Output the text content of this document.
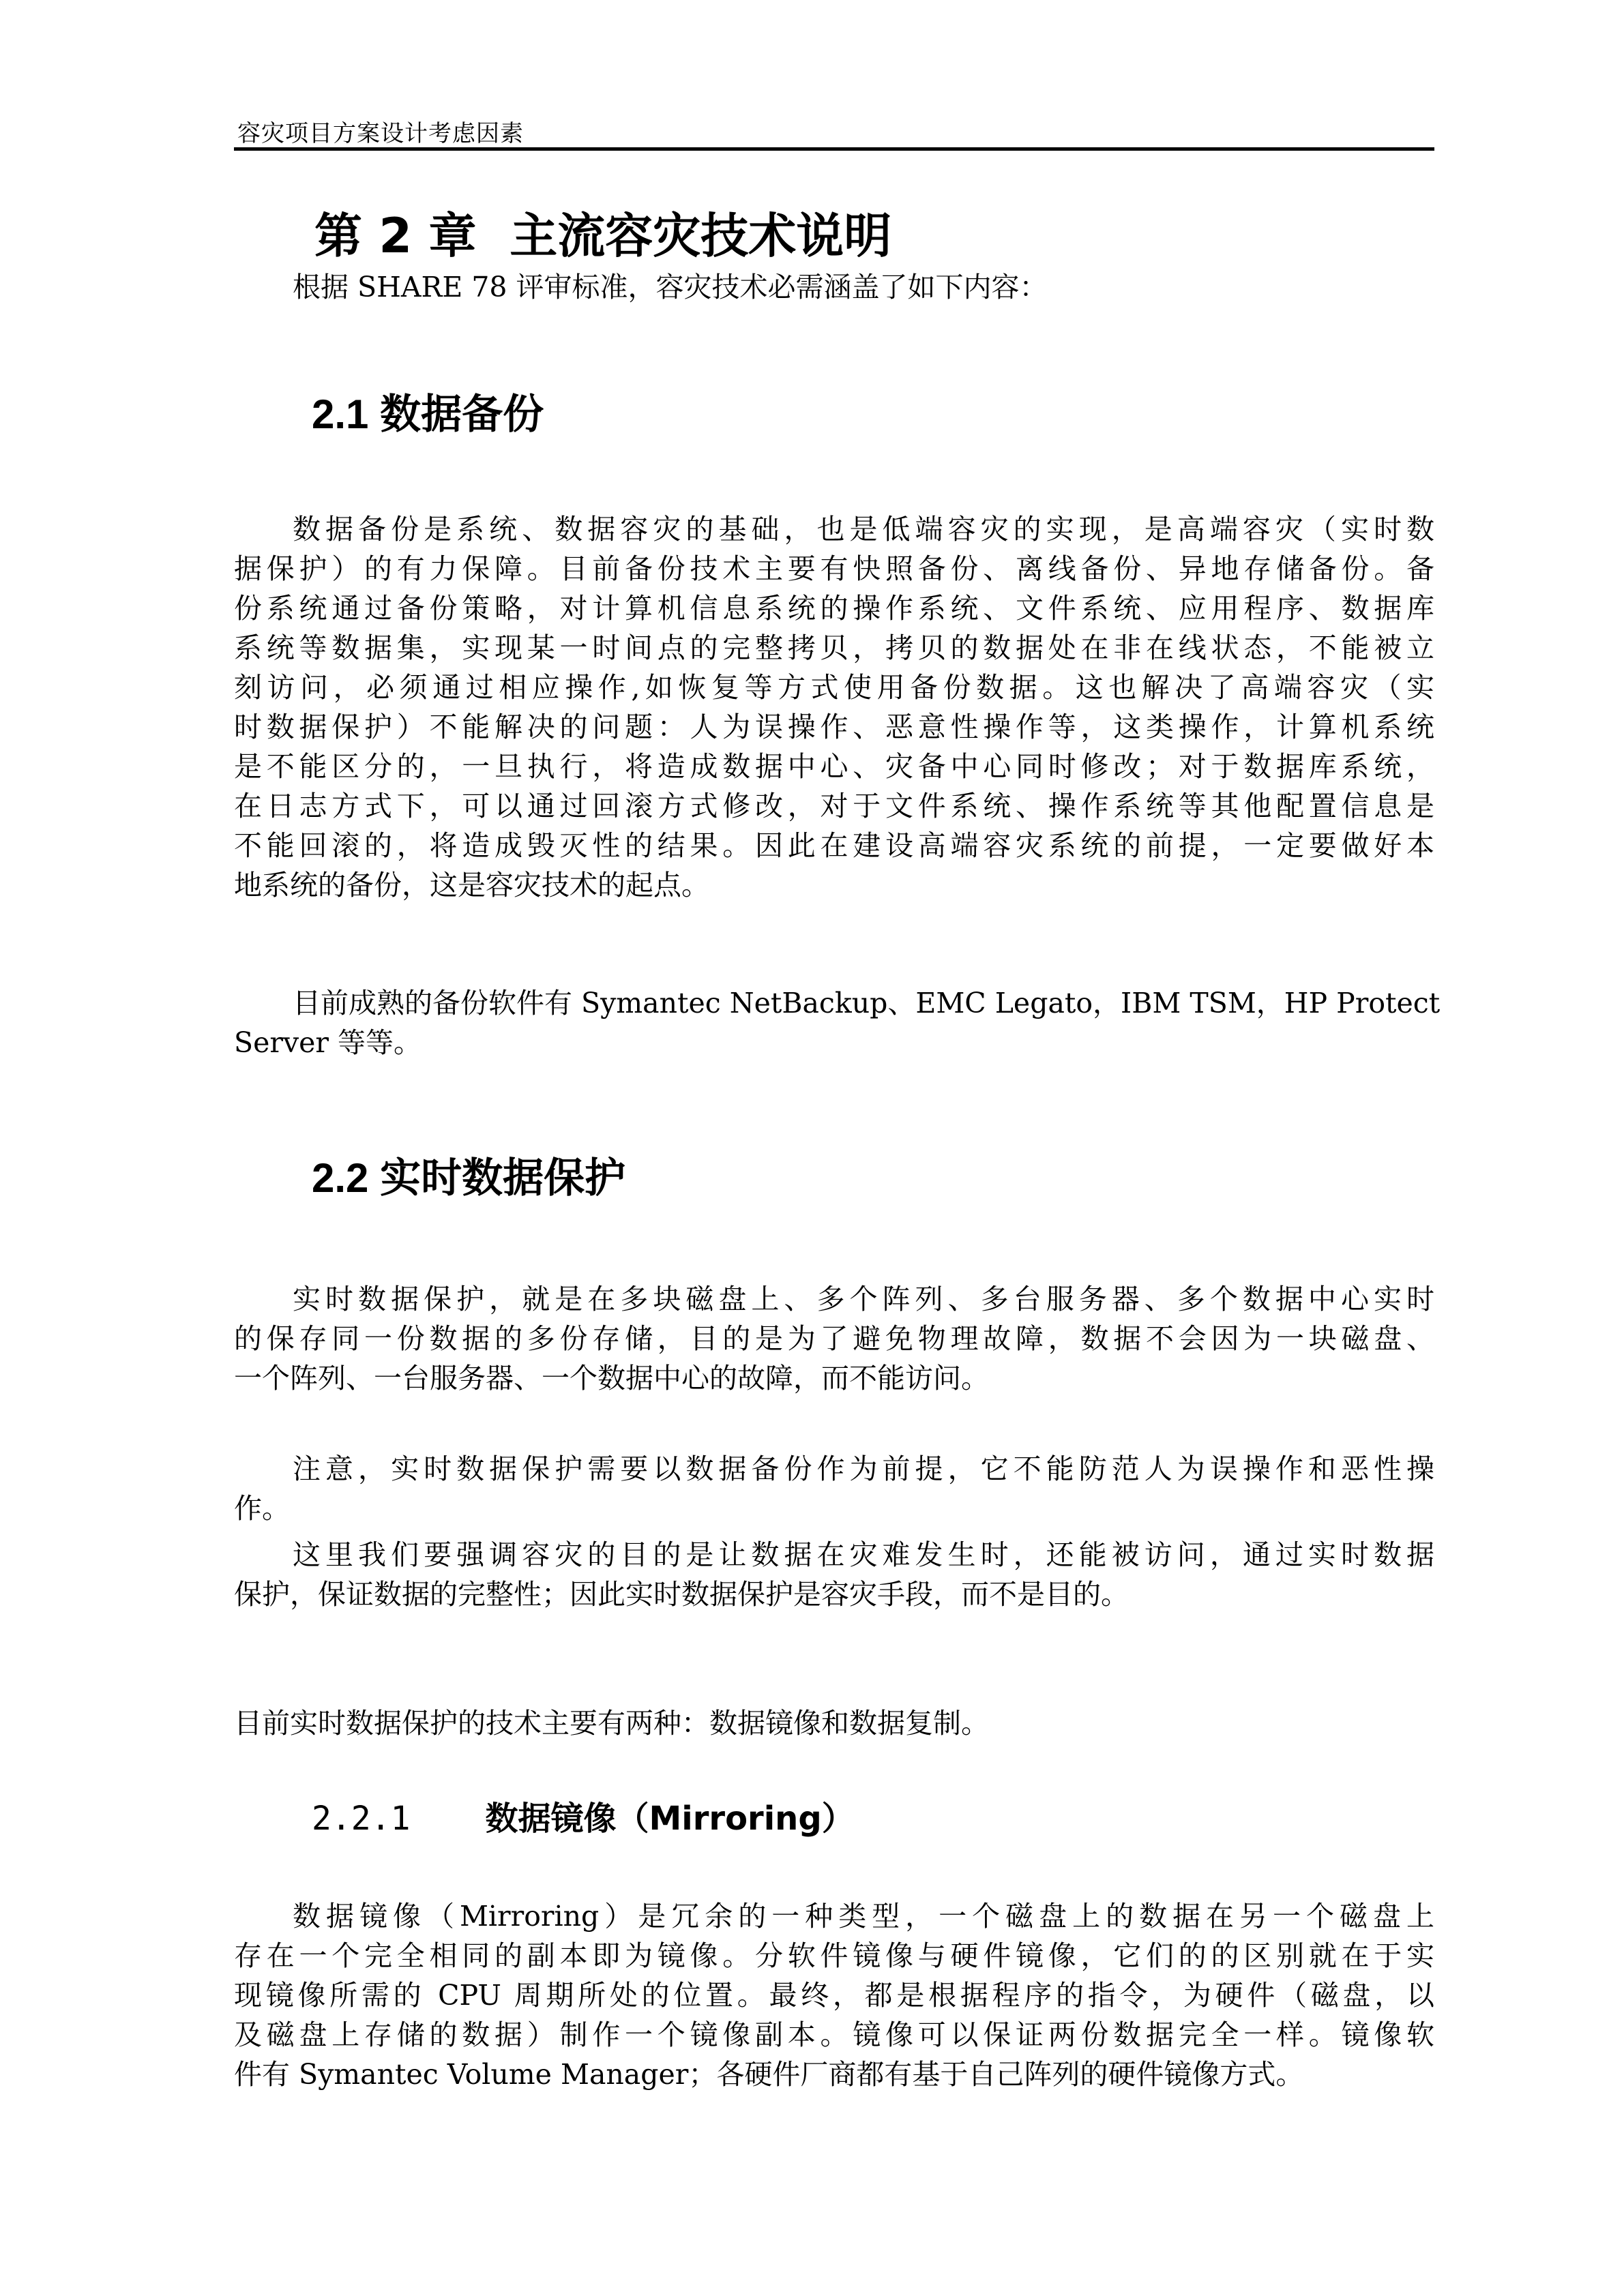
容灾项目方案设计考虑因素
第 2 章 主流容灾技术说明
根据 SHARE 78 评审标准，容灾技术必需涵盖了如下内容：
2.1 数据备份
数据备份是系统、数据容灾的基础，也是低端容灾的实现，是高端容灾（实时数
据保护）的有力保障。目前备份技术主要有快照备份、离线备份、异地存储备份。备
份系统通过备份策略，对计算机信息系统的操作系统、文件系统、应用程序、数据库
系统等数据集，实现某一时间点的完整拷贝，拷贝的数据处在非在线状态，不能被立
刻访问，必须通过相应操作,如恢复等方式使用备份数据。这也解决了高端容灾（实
时数据保护）不能解决的问题：人为误操作、恶意性操作等，这类操作，计算机系统
是不能区分的，一旦执行，将造成数据中心、灾备中心同时修改；对于数据库系统，
在日志方式下，可以通过回滚方式修改，对于文件系统、操作系统等其他配置信息是
不能回滚的，将造成毁灭性的结果。因此在建设高端容灾系统的前提，一定要做好本
地系统的备份，这是容灾技术的起点。
目前成熟的备份软件有 Symantec NetBackup、EMC Legato，IBM TSM，HP Protect
Server 等等。
2.2 实时数据保护
实时数据保护，就是在多块磁盘上、多个阵列、多台服务器、多个数据中心实时
的保存同一份数据的多份存储，目的是为了避免物理故障，数据不会因为一块磁盘、
一个阵列、一台服务器、一个数据中心的故障，而不能访问。
注意，实时数据保护需要以数据备份作为前提，它不能防范人为误操作和恶性操
作。
这里我们要强调容灾的目的是让数据在灾难发生时，还能被访问，通过实时数据
保护，保证数据的完整性；因此实时数据保护是容灾手段，而不是目的。
目前实时数据保护的技术主要有两种：数据镜像和数据复制。
2.2.1 数据镜像（Mirroring）
数据镜像（Mirroring）是冗余的一种类型，一个磁盘上的数据在另一个磁盘上
存在一个完全相同的副本即为镜像。分软件镜像与硬件镜像，它们的的区别就在于实
现镜像所需的 CPU 周期所处的位置。最终，都是根据程序的指令，为硬件（磁盘，以
及磁盘上存储的数据）制作一个镜像副本。镜像可以保证两份数据完全一样。镜像软
件有 Symantec Volume Manager；各硬件厂商都有基于自己阵列的硬件镜像方式。
